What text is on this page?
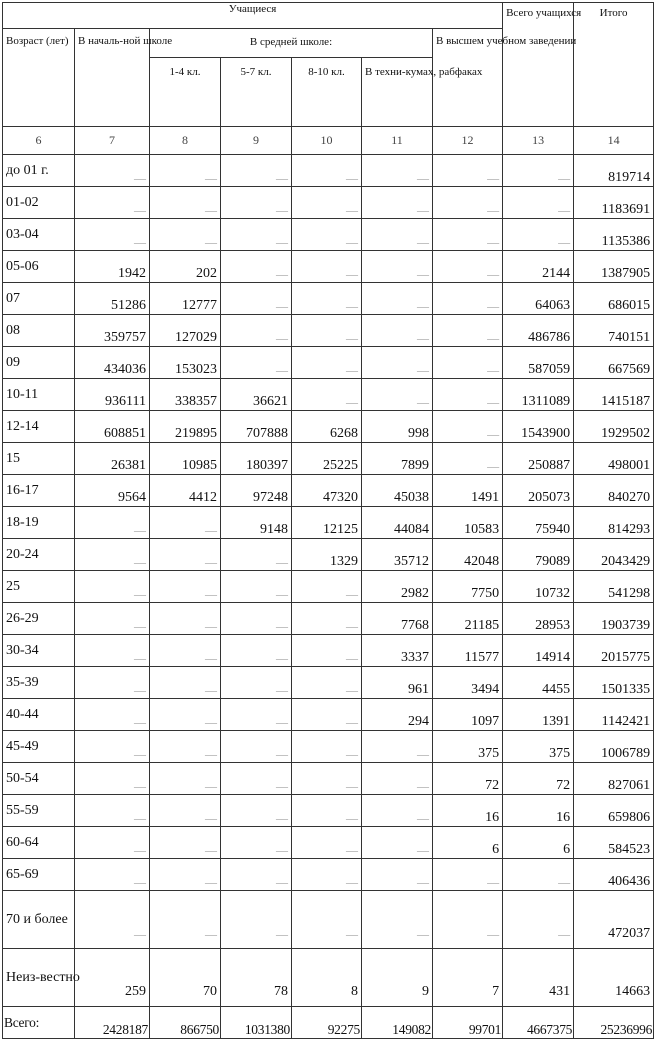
Учащиеся							Всего учащихся	Итого
Возраст (лет)	В началь-ной школе	В средней школе:				В высшем учебном заведении		
		1-4 кл.	5-7 кл.	8-10 кл.	В техни-кумах, рабфаках			
6	7	8	9	10	11	12	13	14
до 01 г.	—	—	—	—	—	—	—	819714
01-02	—	—	—	—	—	—	—	1183691
03-04	—	—	—	—	—	—	—	1135386
05-06	1942	202	—	—	—	—	2144	1387905
07	51286	12777	—	—	—	—	64063	686015
08	359757	127029	—	—	—	—	486786	740151
09	434036	153023	—	—	—	—	587059	667569
10-11	936111	338357	36621	—	—	—	1311089	1415187
12-14	608851	219895	707888	6268	998	—	1543900	1929502
15	26381	10985	180397	25225	7899	—	250887	498001
16-17	9564	4412	97248	47320	45038	1491	205073	840270
18-19	—	—	9148	12125	44084	10583	75940	814293
20-24	—	—	—	1329	35712	42048	79089	2043429
25	—	—	—	—	2982	7750	10732	541298
26-29	—	—	—	—	7768	21185	28953	1903739
30-34	—	—	—	—	3337	11577	14914	2015775
35-39	—	—	—	—	961	3494	4455	1501335
40-44	—	—	—	—	294	1097	1391	1142421
45-49	—	—	—	—	—	375	375	1006789
50-54	—	—	—	—	—	72	72	827061
55-59	—	—	—	—	—	16	16	659806
60-64	—	—	—	—	—	6	6	584523
65-69	—	—	—	—	—	—	—	406436
70 и более	—	—	—	—	—	—	—	472037
Неиз-вестно	259	70	78	8	9	7	431	14663
Всего:	2428187	866750	1031380	92275	149082	99701	4667375	25236996
